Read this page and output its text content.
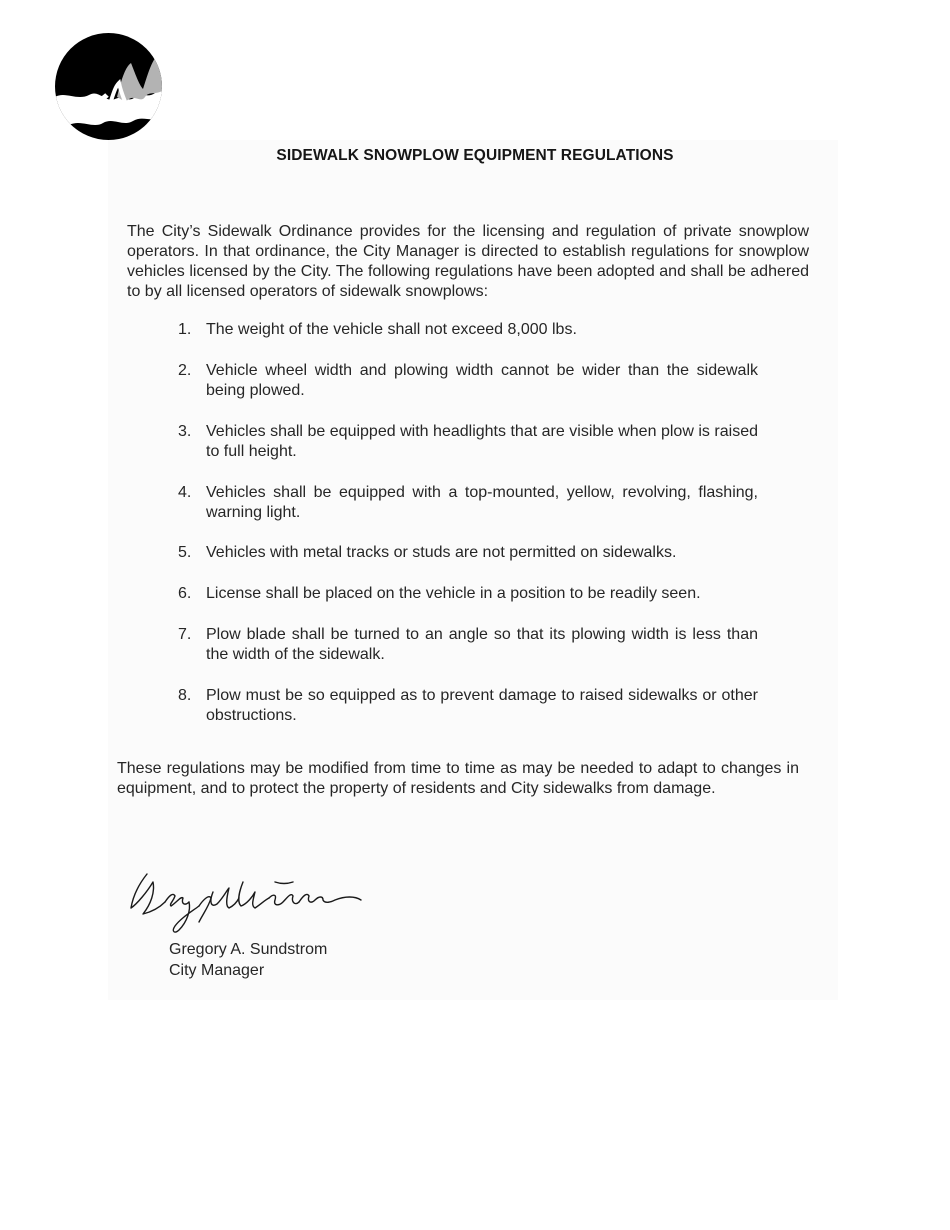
SIDEWALK SNOWPLOW EQUIPMENT REGULATIONS

The City’s Sidewalk Ordinance provides for the licensing and regulation of private snowplow operators. In that ordinance, the City Manager is directed to establish regulations for snowplow vehicles licensed by the City. The following regulations have been adopted and shall be adhered to by all licensed operators of sidewalk snowplows:

1. The weight of the vehicle shall not exceed 8,000 lbs.
2. Vehicle wheel width and plowing width cannot be wider than the sidewalk being plowed.
3. Vehicles shall be equipped with headlights that are visible when plow is raised to full height.
4. Vehicles shall be equipped with a top-mounted, yellow, revolving, flashing, warning light.
5. Vehicles with metal tracks or studs are not permitted on sidewalks.
6. License shall be placed on the vehicle in a position to be readily seen.
7. Plow blade shall be turned to an angle so that its plowing width is less than the width of the sidewalk.
8. Plow must be so equipped as to prevent damage to raised sidewalks or other obstructions.

These regulations may be modified from time to time as may be needed to adapt to changes in equipment, and to protect the property of residents and City sidewalks from damage.

Gregory A. Sundstrom
City Manager
